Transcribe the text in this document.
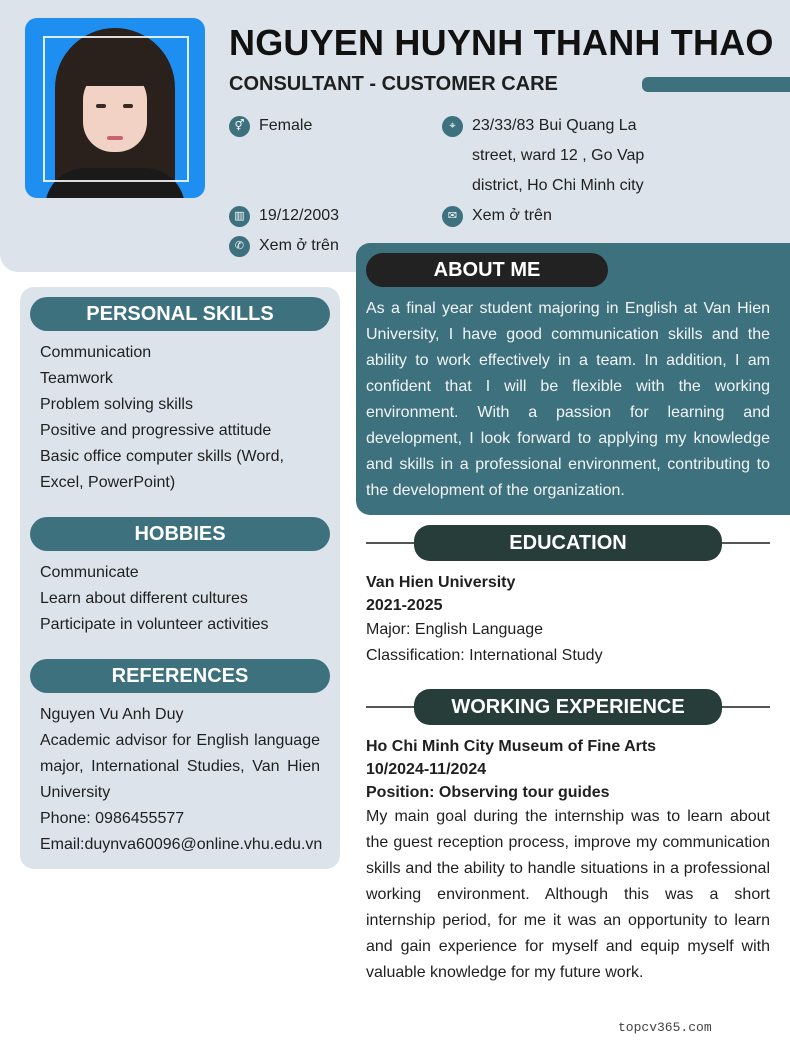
NGUYEN HUYNH THANH THAO
CONSULTANT - CUSTOMER CARE
⚥ Female	⌖	23/33/83 Bui Quang La street, ward 12 , Go Vap district, Ho Chi Minh city
▥ 19/12/2003	✉ Xem ở trên
✆ Xem ở trên
PERSONAL SKILLS
Communication
Teamwork
Problem solving skills
Positive and progressive attitude
Basic office computer skills (Word, Excel, PowerPoint)
HOBBIES
Communicate
Learn about different cultures
Participate in volunteer activities
REFERENCES
Nguyen Vu Anh Duy
Academic advisor for English language major, International Studies, Van Hien University
Phone: 0986455577
Email:duynva60096@online.vhu.edu.vn
ABOUT ME
As a final year student majoring in English at Van Hien University, I have good communication skills and the ability to work effectively in a team. In addition, I am confident that I will be flexible with the working environment. With a passion for learning and development, I look forward to applying my knowledge and skills in a professional environment, contributing to the development of the organization.
EDUCATION
Van Hien University
2021-2025
Major: English Language
Classification: International Study
WORKING EXPERIENCE
Ho Chi Minh City Museum of Fine Arts
10/2024-11/2024
Position: Observing tour guides
My main goal during the internship was to learn about the guest reception process, improve my communication skills and the ability to handle situations in a professional working environment. Although this was a short internship period, for me it was an opportunity to learn and gain experience for myself and equip myself with valuable knowledge for my future work.
topcv365.com
